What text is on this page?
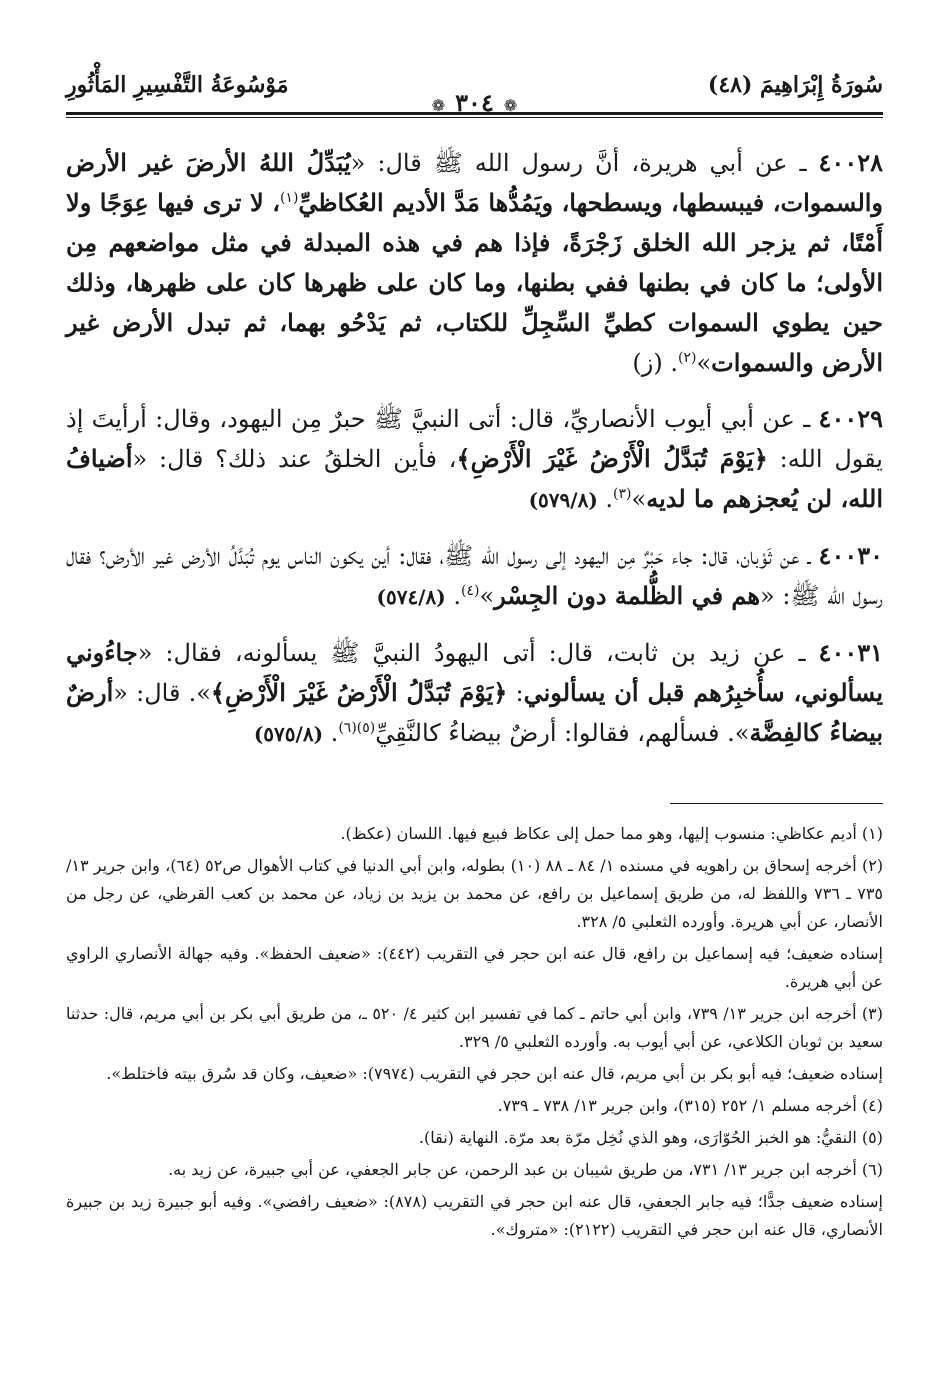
سُورَةُ إِبْرَاهِيمَ (٤٨)
❁٣٠٤❁
مَوْسُوعَةُ التَّفْسِيرِ المَأْثُورِ
٤٠٠٢٨ ـ عن أبي هريرة، أنَّ رسول الله ﷺ قال: «يُبَدِّلُ اللهُ الأرضَ غير الأرض والسموات، فيبسطها، ويسطحها، ويَمُدُّها مَدَّ الأديم العُكاظيِّ$^{(١)}$، لا ترى فيها عِوَجًا ولا أَمْتًا، ثم يزجر الله الخلق زَجْرَةً، فإذا هم في هذه المبدلة في مثل مواضعهم مِن الأولى؛ ما كان في بطنها ففي بطنها، وما كان على ظهرها كان على ظهرها، وذلك حين يطوي السموات كطيِّ السِّجِلِّ للكتاب، ثم يَدْحُو بهما، ثم تبدل الأرض غير الأرض والسموات»$^{(٢)}$. (ز)
٤٠٠٢٩ ـ عن أبي أيوب الأنصاريِّ، قال: أتى النبيَّ ﷺ حبرٌ مِن اليهود، وقال: أرأيتَ إذ يقول الله: ﴿يَوْمَ تُبَدَّلُ الْأَرْضُ غَيْرَ الْأَرْضِ﴾، فأين الخلقُ عند ذلك؟ قال: «أضيافُ الله، لن يُعجزهم ما لديه»$^{(٣)}$. (٥٧٩/٨)
٤٠٠٣٠ ـ عن ثَوْبان، قال: جاء حَبْرٌ مِن اليهود إلى رسول الله ﷺ، فقال: أين يكون الناس يوم تُبَدَّلُ الأرض غير الأرض؟ فقال رسول الله ﷺ: «هم في الظُّلمة دون الجِسْر»$^{(٤)}$. (٥٧٤/٨)
٤٠٠٣١ ـ عن زيد بن ثابت، قال: أتى اليهودُ النبيَّ ﷺ يسألونه، فقال: «جاءُوني يسألوني، سأُخبِرُهم قبل أن يسألوني: ﴿يَوْمَ تُبَدَّلُ الْأَرْضُ غَيْرَ الْأَرْضِ﴾». قال: «أرضٌ بيضاءُ كالفِضَّة». فسألهم، فقالوا: أرضٌ بيضاءُ كالنَّقِيِّ$^{(٥)(٦)}$. (٥٧٥/٨)
(١) أديم عكاظي: منسوب إليها، وهو مما حمل إلى عكاظ فبيع فيها. اللسان (عكظ).
(٢) أخرجه إسحاق بن راهويه في مسنده ١/ ٨٤ ـ ٨٨ (١٠) بطوله، وابن أبي الدنيا في كتاب الأهوال ص٥٢ (٦٤)، وابن جرير ١٣/ ٧٣٥ ـ ٧٣٦ واللفظ له، من طريق إسماعيل بن رافع، عن محمد بن يزيد بن زياد، عن محمد بن كعب القرظي، عن رجل من الأنصار، عن أبي هريرة. وأورده الثعلبي ٥/ ٣٢٨.
إسناده ضعيف؛ فيه إسماعيل بن رافع، قال عنه ابن حجر في التقريب (٤٤٢): «ضعيف الحفظ». وفيه جهالة الأنصاري الراوي عن أبي هريرة.
(٣) أخرجه ابن جرير ١٣/ ٧٣٩، وابن أبي حاتم ـ كما في تفسير ابن كثير ٤/ ٥٢٠ ـ، من طريق أبي بكر بن أبي مريم، قال: حدثنا سعيد بن ثوبان الكلاعي، عن أبي أيوب به. وأورده الثعلبي ٥/ ٣٢٩.
إسناده ضعيف؛ فيه أبو بكر بن أبي مريم، قال عنه ابن حجر في التقريب (٧٩٧٤): «ضعيف، وكان قد سُرق بيته فاختلط».
(٤) أخرجه مسلم ١/ ٢٥٢ (٣١٥)، وابن جرير ١٣/ ٧٣٨ ـ ٧٣٩.
(٥) النقيُّ: هو الخبز الحُوّارَى، وهو الذي نُخِل مرّة بعد مرّة. النهاية (نقا).
(٦) أخرجه ابن جرير ١٣/ ٧٣١، من طريق شيبان بن عبد الرحمن، عن جابر الجعفي، عن أبي جبيرة، عن زيد به.
إسناده ضعيف جدًّا؛ فيه جابر الجعفي، قال عنه ابن حجر في التقريب (٨٧٨): «ضعيف رافضي». وفيه أبو جبيرة زيد بن جبيرة الأنصاري، قال عنه ابن حجر في التقريب (٢١٢٢): «متروك».
